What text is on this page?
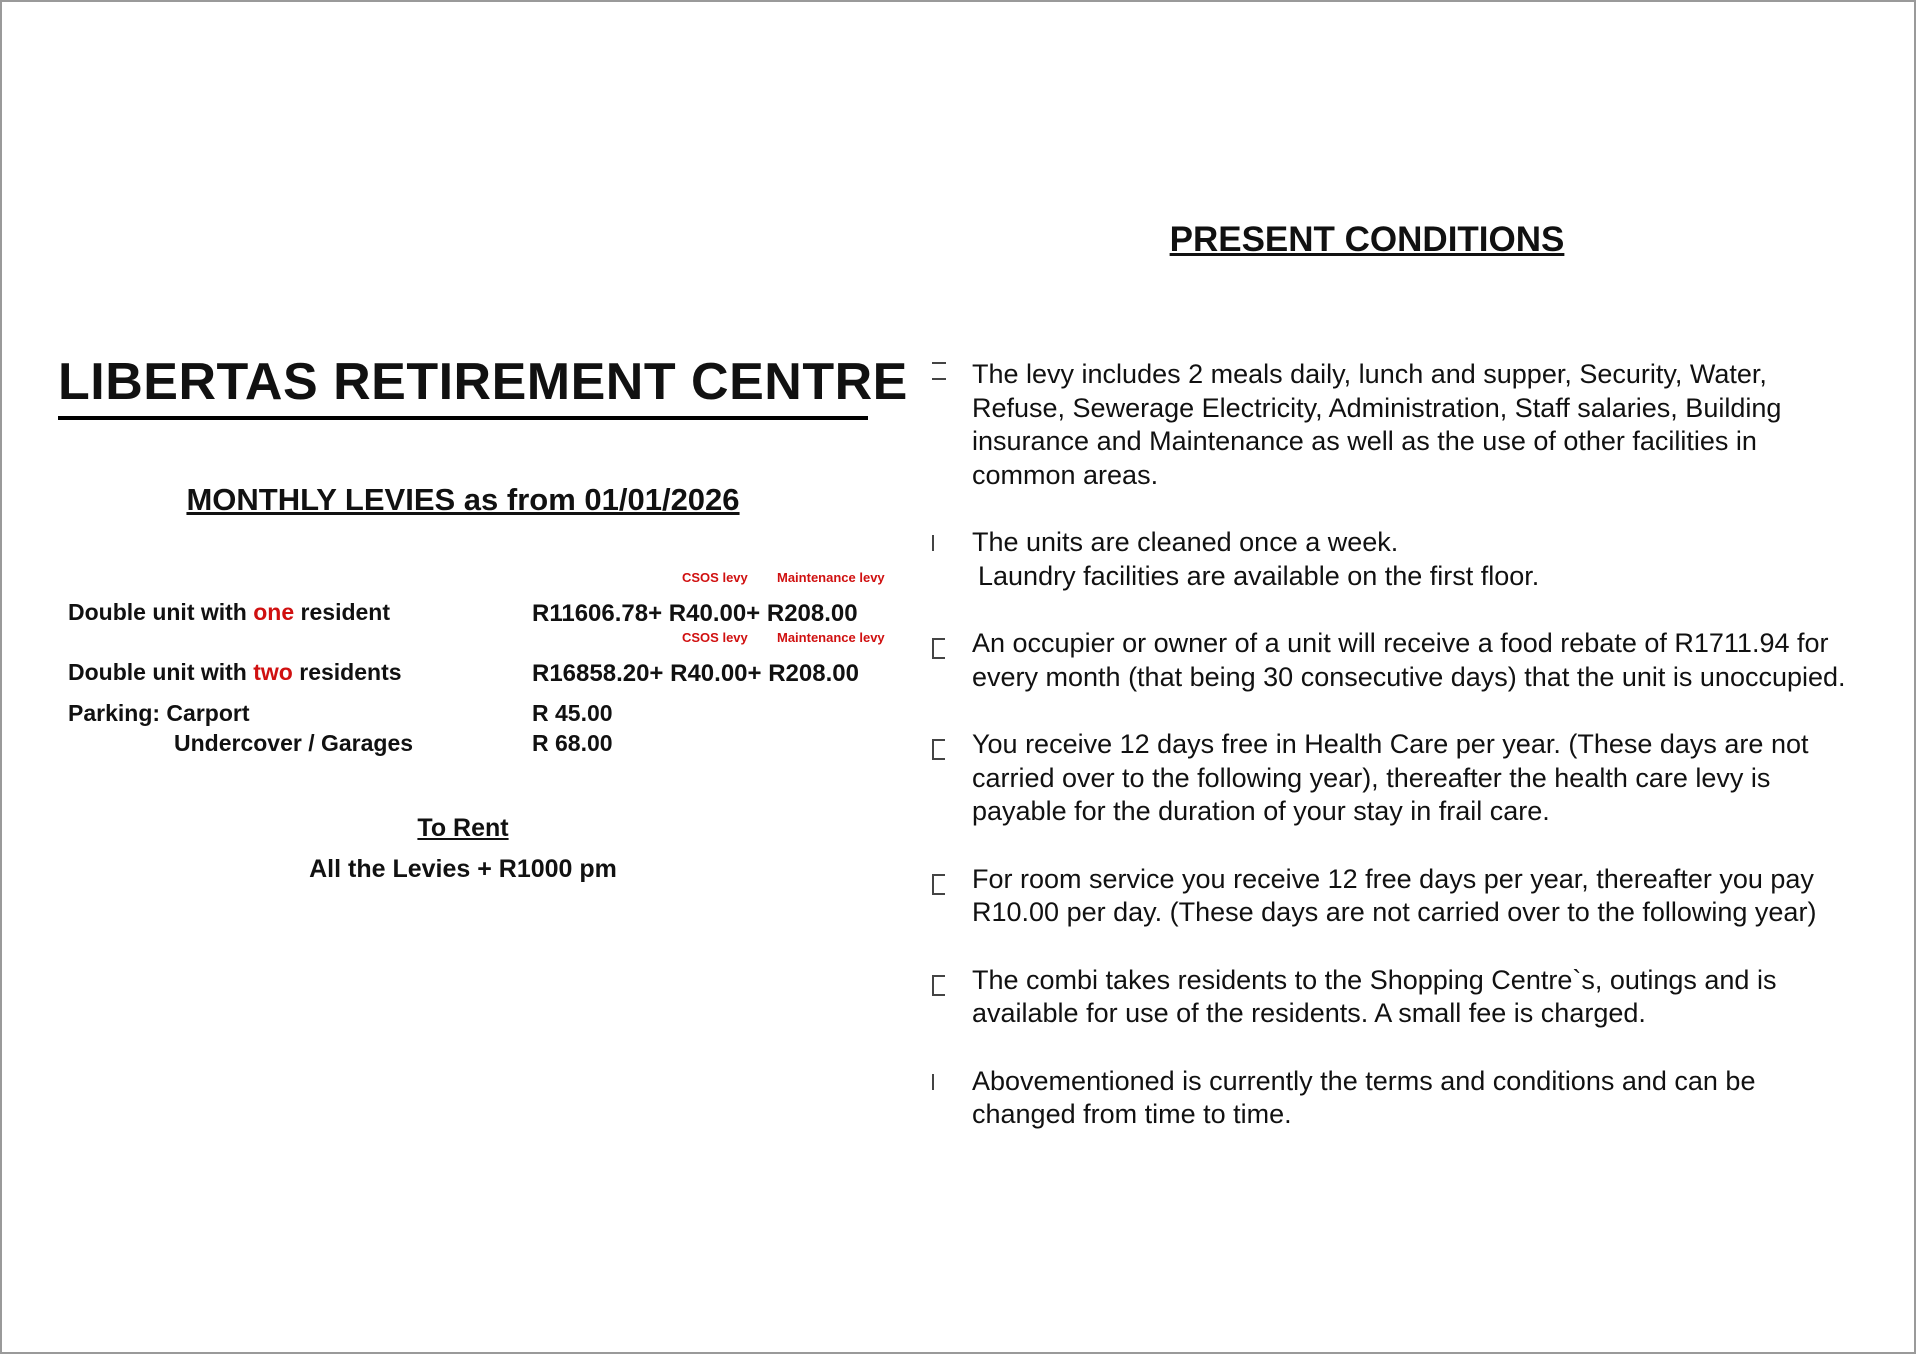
LIBERTAS RETIREMENT CENTRE
MONTHLY LEVIES as from 01/01/2026
CSOS levy Maintenance levy
Double unit with one resident	R11606.78+ R40.00+ R208.00
CSOS levy Maintenance levy
Double unit with two residents	R16858.20+ R40.00+ R208.00
Parking: Carport	R 45.00
Undercover / Garages	R 68.00
To Rent

All the Levies + R1000 pm

PRESENT CONDITIONS

The levy includes 2 meals daily, lunch and supper, Security, Water, Refuse, Sewerage Electricity, Administration, Staff salaries, Building insurance and Maintenance as well as the use of other facilities in common areas.

The units are cleaned once a week.
Laundry facilities are available on the first floor.

An occupier or owner of a unit will receive a food rebate of R1711.94 for every month (that being 30 consecutive days) that the unit is unoccupied.

You receive 12 days free in Health Care per year. (These days are not carried over to the following year), thereafter the health care levy is payable for the duration of your stay in frail care.

For room service you receive 12 free days per year, thereafter you pay R10.00 per day. (These days are not carried over to the following year)

The combi takes residents to the Shopping Centre`s, outings and is available for use of the residents. A small fee is charged.

Abovementioned is currently the terms and conditions and can be changed from time to time.
